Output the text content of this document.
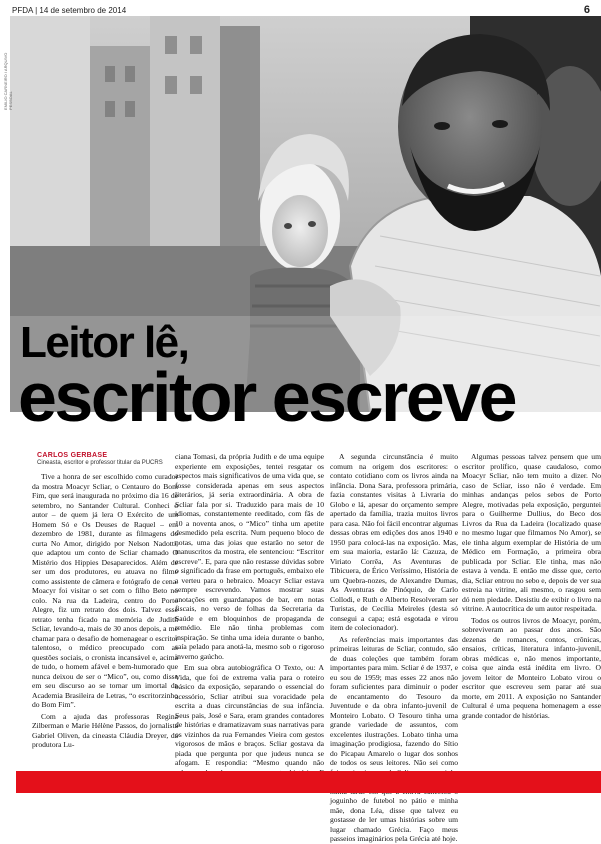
PFDA | 14 de setembro de 2014	6
EMILIO CARNEIRO / ARQUIVO PESSOAL
Leitor lê,
escritor escreve
CARLOS GERBASE
Cineasta, escritor e professor titular da PUCRS

Tive a honra de ser escolhido como curador da mostra Moacyr Scliar, o Centauro do Bom Fim, que será inaugurada no próximo dia 16 de setembro, no Santander Cultural. Conheci o autor – de quem já lera O Exército de um Homem Só e Os Deuses de Raquel – em dezembro de 1981, durante as filmagens do curta No Amor, dirigido por Nelson Nadotti, que adaptou um conto de Scliar chamado O Mistério dos Hippies Desaparecidos. Além de ser um dos produtores, eu atuava no filme como assistente de câmera e fotógrafo de cena. Moacyr foi visitar o set com o filho Beto no colo. Na rua da Ladeira, centro do Porto Alegre, fiz um retrato dos dois. Talvez esse retrato tenha ficado na memória de Judith Scliar, levando-a, mais de 30 anos depois, a me chamar para o desafio de homenagear o escritor talentoso, o médico preocupado com as questões sociais, o cronista incansável e, acima de tudo, o homem afável e bem-humorado que nunca deixou de ser o “Mico”, ou, como disse em seu discurso ao se tornar um imortal da Academia Brasileira de Letras, “o escritorzinho do Bom Fim”.

Com a ajuda das professoras Regina Zilberman e Marie Hélène Passos, do jornalista Gabriel Oliven, da cineasta Cláudia Dreyer, da produtora Lu-

ciana Tomasi, da própria Judith e de uma equipe experiente em exposições, tentei resgatar os aspectos mais significativos de uma vida que, se fosse considerada apenas em seus aspectos literários, já seria extraordinária. A obra de Scliar fala por si. Traduzido para mais de 10 idiomas, constantemente reeditado, com fãs de 10 a noventa anos, o “Mico” tinha um apetite desmedido pela escrita. Num pequeno bloco de notas, uma das joias que estarão no setor de manuscritos da mostra, ele sentenciou: “Escritor escreve”. E, para que não restasse dúvidas sobre o significado da frase em português, embaixo ele a verteu para o hebraico. Moacyr Scliar estava sempre escrevendo. Vamos mostrar suas anotações em guardanapos de bar, em notas fiscais, no verso de folhas da Secretaria da Saúde e em bloquinhos de propaganda de remédio. Ele não tinha problemas com inspiração. Se tinha uma ideia durante o banho, saía pelado para anotá-la, mesmo sob o rigoroso inverno gaúcho.

Em sua obra autobiográfica O Texto, ou: A Vida, que foi de extrema valia para o roteiro básico da exposição, separando o essencial do acessório, Scliar atribui sua voracidade pela escrita a duas circunstâncias de sua infância. Seus pais, José e Sara, eram grandes contadores de histórias e dramatizavam suas narrativas para os vizinhos da rua Fernandes Vieira com gestos vigorosos de mãos e braços. Scliar gostava da piada que pergunta por que judeus nunca se afogam. E respondia: “Mesmo quando não

A segunda circunstância é muito comum na origem dos escritores: o contato cotidiano com os livros ainda na infância. Dona Sara, professora primária, fazia constantes visitas à Livraria do Globo e lá, apesar do orçamento sempre apertado da família, trazia muitos livros para casa. Não foi fácil encontrar algumas dessas obras em edições dos anos 1940 e 1950 para colocá-las na exposição. Mas, em sua maioria, estarão lá: Cazuza, de Viriato Corrêa, As Aventuras de Tibicuera, de Érico Veríssimo, História de um Quebra-nozes, de Alexandre Dumas, As Aventuras de Pinóquio, de Carlo Collodi, e Ruth e Alberto Resolveram ser Turistas, de Cecília Meireles (desta só consegui a capa; está esgotada e virou item de colecionador).

As referências mais importantes das primeiras leituras de Scliar, contudo, são de duas coleções que também foram importantes para mim. Scliar é de 1937, e eu sou de 1959; mas esses 22 anos não foram suficientes para diminuir o poder de encantamento do Tesouro da Juventude e da obra infanto-juvenil de Monteiro Lobato. O Tesouro tinha uma grande variedade de assuntos, com excelentes ilustrações. Lobato tinha uma imaginação prodigiosa, fazendo do Sítio do Picapau Amarelo o lugar dos sonhos de todos os seus leitores. Não sei como joguinho de futebol no pátio e minha mãe, dona Léa, disse que talvez eu gostasse de ler umas histórias sobre um lugar chamado Grécia. Faço meus passeios imaginários pela Grécia até hoje.

Algumas pessoas talvez pensem que um escritor prolífico, quase caudaloso, como Moacyr Scliar, não tem muito a dizer. No caso de Scliar, isso não é verdade. Em minhas andanças pelos sebos de Porto Alegre, motivadas pela exposição, perguntei para o Guilherme Dullius, do Beco dos Livros da Rua da Ladeira (localizado quase no mesmo lugar que filmamos No Amor), se ele tinha algum exemplar de História de um Médico em Formação, a primeira obra publicada por Scliar. Ele tinha, mas não estava à venda. E então me disse que, certo dia, Scliar entrou no sebo e, depois de ver sua estreia na vitrine, ali mesmo, o rasgou sem dó nem piedade. Desistiu de exibir o livro na vitrine. A autocrítica de um autor respeitada.

Todos os outros livros de Moacyr, porém, sobreviveram ao passar dos anos. São dezenas de romances, contos, crônicas, ensaios, críticas, literatura infanto-juvenil, obras médicas e, não menos importante, coisa que ainda está inédita em livro. O jovem leitor de Monteiro Lobato virou o escritor que escreveu sem parar até sua morte, em 2011. A exposição no Santander Cultural é uma pequena homenagem a esse grande contador de histórias.
